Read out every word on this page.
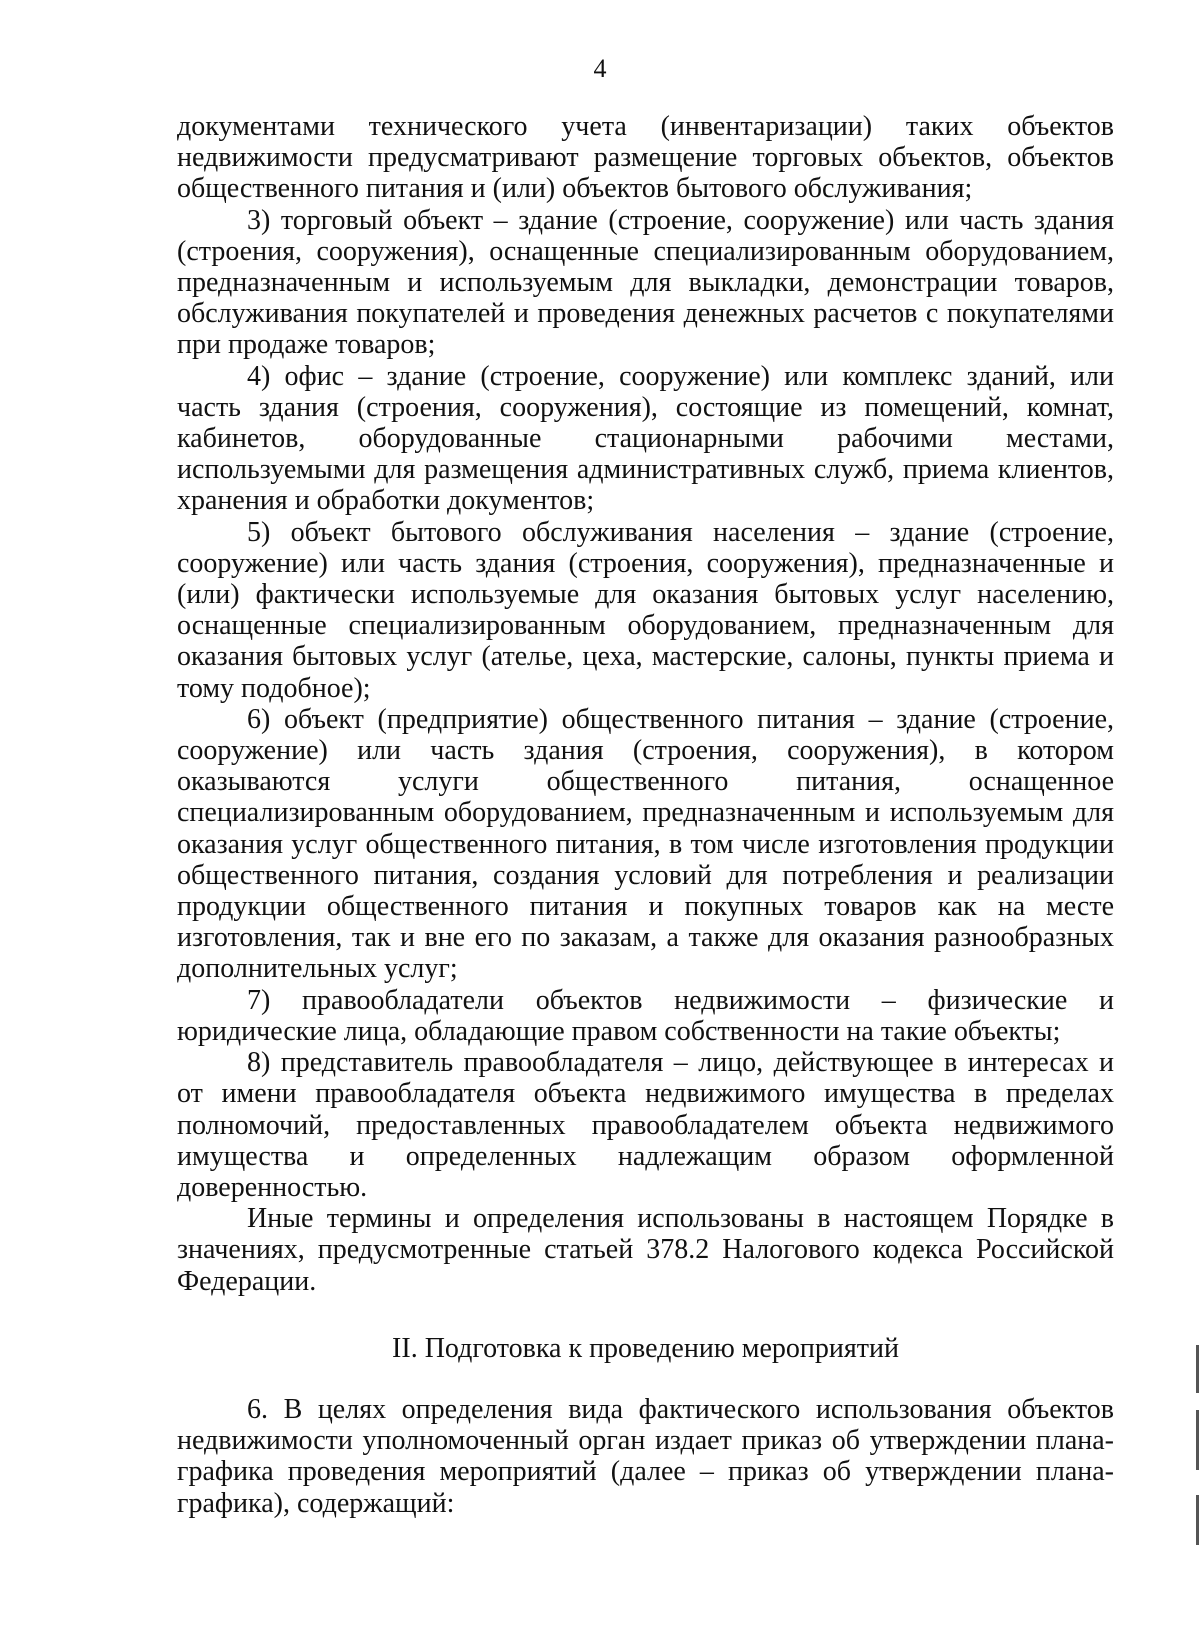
4

документами технического учета (инвентаризации) таких объектов недвижимости предусматривают размещение торговых объектов, объектов общественного питания и (или) объектов бытового обслуживания;

3) торговый объект – здание (строение, сооружение) или часть здания (строения, сооружения), оснащенные специализированным оборудованием, предназначенным и используемым для выкладки, демонстрации товаров, обслуживания покупателей и проведения денежных расчетов с покупателями при продаже товаров;

4) офис – здание (строение, сооружение) или комплекс зданий, или часть здания (строения, сооружения), состоящие из помещений, комнат, кабинетов, оборудованные стационарными рабочими местами, используемыми для размещения административных служб, приема клиентов, хранения и обработки документов;

5) объект бытового обслуживания населения – здание (строение, сооружение) или часть здания (строения, сооружения), предназначенные и (или) фактически используемые для оказания бытовых услуг населению, оснащенные специализированным оборудованием, предназначенным для оказания бытовых услуг (ателье, цеха, мастерские, салоны, пункты приема и тому подобное);

6) объект (предприятие) общественного питания – здание (строение, сооружение) или часть здания (строения, сооружения), в котором оказываются услуги общественного питания, оснащенное специализированным оборудованием, предназначенным и используемым для оказания услуг общественного питания, в том числе изготовления продукции общественного питания, создания условий для потребления и реализации продукции общественного питания и покупных товаров как на месте изготовления, так и вне его по заказам, а также для оказания разнообразных дополнительных услуг;

7) правообладатели объектов недвижимости – физические и юридические лица, обладающие правом собственности на такие объекты;

8) представитель правообладателя – лицо, действующее в интересах и от имени правообладателя объекта недвижимого имущества в пределах полномочий, предоставленных правообладателем объекта недвижимого имущества и определенных надлежащим образом оформленной доверенностью.

Иные термины и определения использованы в настоящем Порядке в значениях, предусмотренные статьей 378.2 Налогового кодекса Российской Федерации.

II. Подготовка к проведению мероприятий

6. В целях определения вида фактического использования объектов недвижимости уполномоченный орган издает приказ об утверждении плана-графика проведения мероприятий (далее – приказ об утверждении плана-графика), содержащий:
